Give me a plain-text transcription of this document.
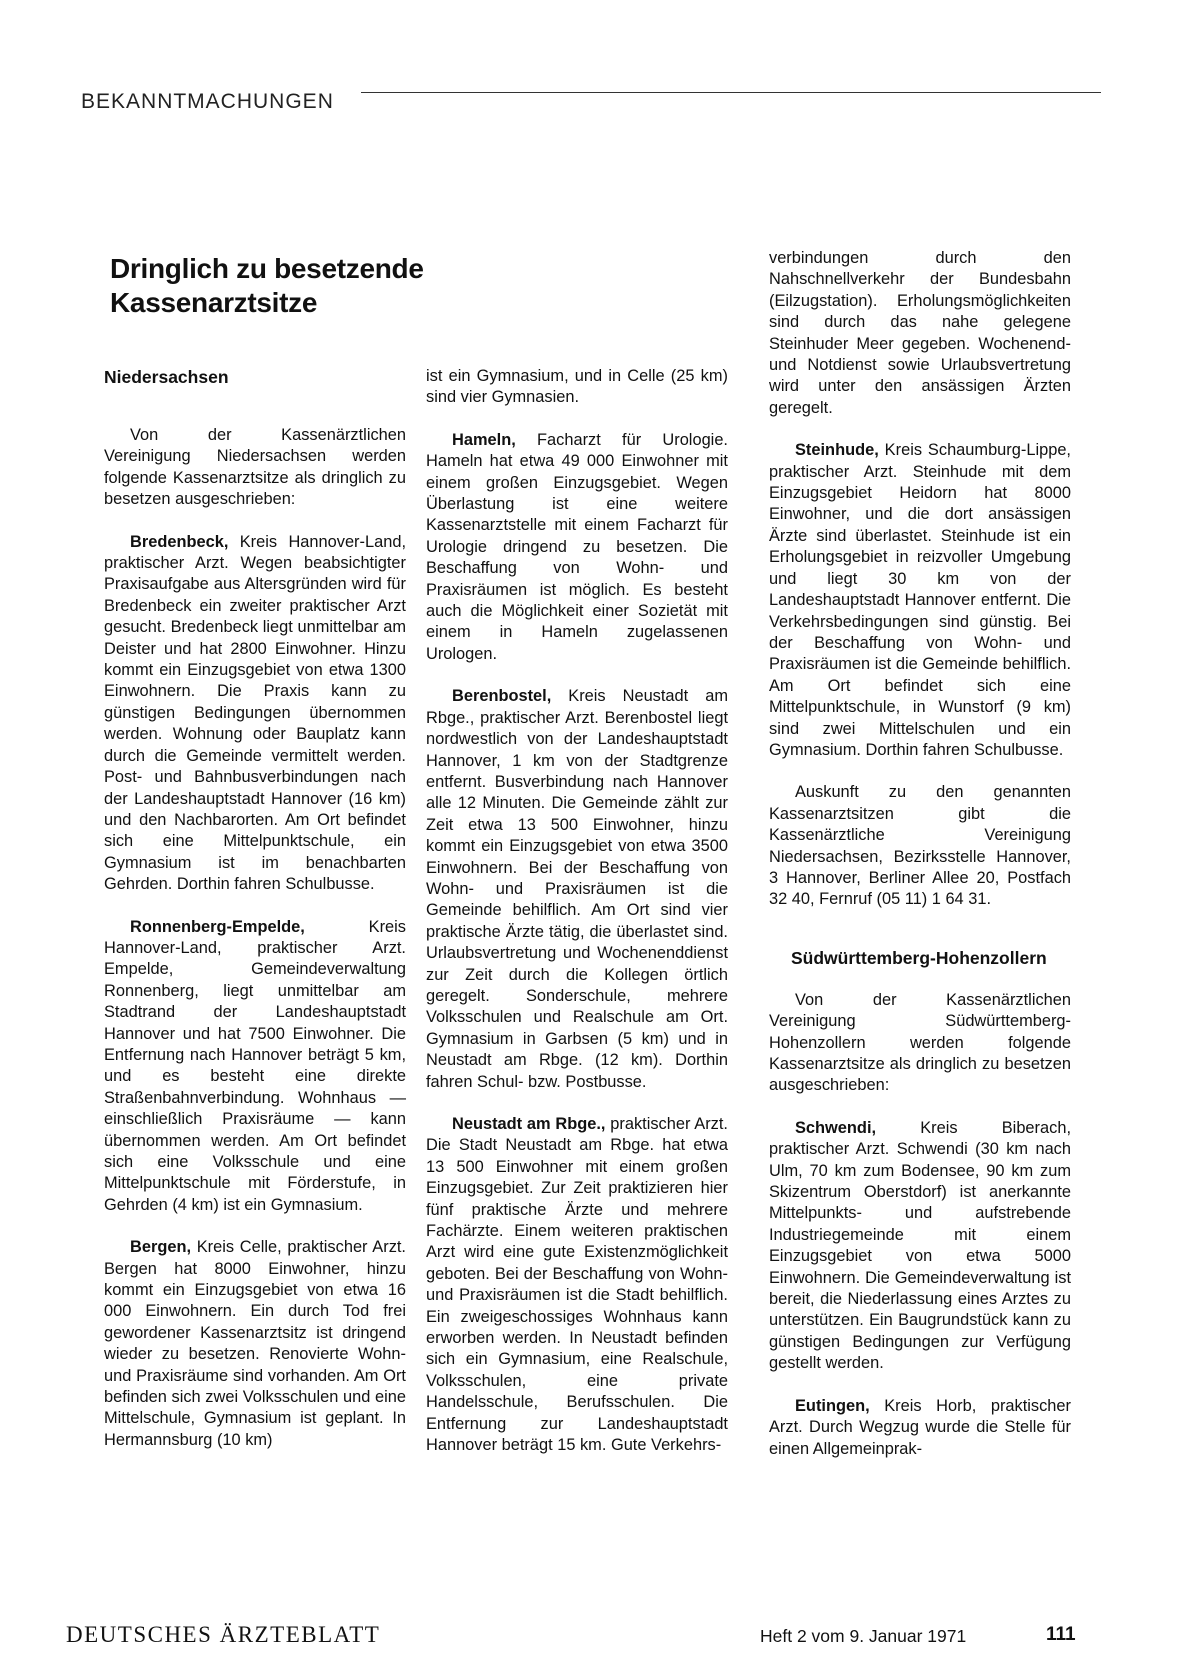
BEKANNTMACHUNGEN
Dringlich zu besetzende Kassenarztsitze
Niedersachsen

Von der Kassenärztlichen Vereinigung Niedersachsen werden folgende Kassenarztsitze als dringlich zu besetzen ausgeschrieben:

Bredenbeck, Kreis Hannover-Land, praktischer Arzt. Wegen beabsichtigter Praxisaufgabe aus Altersgründen wird für Bredenbeck ein zweiter praktischer Arzt gesucht. Bredenbeck liegt unmittelbar am Deister und hat 2800 Einwohner. Hinzu kommt ein Einzugsgebiet von etwa 1300 Einwohnern. Die Praxis kann zu günstigen Bedingungen übernommen werden. Wohnung oder Bauplatz kann durch die Gemeinde vermittelt werden. Post- und Bahnbusverbindungen nach der Landeshauptstadt Hannover (16 km) und den Nachbarorten. Am Ort befindet sich eine Mittelpunktschule, ein Gymnasium ist im benachbarten Gehrden. Dorthin fahren Schulbusse.

Ronnenberg-Empelde, Kreis Hannover-Land, praktischer Arzt. Empelde, Gemeindeverwaltung Ronnenberg, liegt unmittelbar am Stadtrand der Landeshauptstadt Hannover und hat 7500 Einwohner. Die Entfernung nach Hannover beträgt 5 km, und es besteht eine direkte Straßenbahnverbindung. Wohnhaus — einschließlich Praxisräume — kann übernommen werden. Am Ort befindet sich eine Volksschule und eine Mittelpunktschule mit Förderstufe, in Gehrden (4 km) ist ein Gymnasium.

Bergen, Kreis Celle, praktischer Arzt. Bergen hat 8000 Einwohner, hinzu kommt ein Einzugsgebiet von etwa 16 000 Einwohnern. Ein durch Tod frei gewordener Kassenarztsitz ist dringend wieder zu besetzen. Renovierte Wohn- und Praxisräume sind vorhanden. Am Ort befinden sich zwei Volksschulen und eine Mittelschule, Gymnasium ist geplant. In Hermannsburg (10 km)

ist ein Gymnasium, und in Celle (25 km) sind vier Gymnasien.

Hameln, Facharzt für Urologie. Hameln hat etwa 49 000 Einwohner mit einem großen Einzugsgebiet. Wegen Überlastung ist eine weitere Kassenarztstelle mit einem Facharzt für Urologie dringend zu besetzen. Die Beschaffung von Wohn- und Praxisräumen ist möglich. Es besteht auch die Möglichkeit einer Sozietät mit einem in Hameln zugelassenen Urologen.

Berenbostel, Kreis Neustadt am Rbge., praktischer Arzt. Berenbostel liegt nordwestlich von der Landeshauptstadt Hannover, 1 km von der Stadtgrenze entfernt. Busverbindung nach Hannover alle 12 Minuten. Die Gemeinde zählt zur Zeit etwa 13 500 Einwohner, hinzu kommt ein Einzugsgebiet von etwa 3500 Einwohnern. Bei der Beschaffung von Wohn- und Praxisräumen ist die Gemeinde behilflich. Am Ort sind vier praktische Ärzte tätig, die überlastet sind. Urlaubsvertretung und Wochenenddienst zur Zeit durch die Kollegen örtlich geregelt. Sonderschule, mehrere Volksschulen und Realschule am Ort. Gymnasium in Garbsen (5 km) und in Neustadt am Rbge. (12 km). Dorthin fahren Schul- bzw. Postbusse.

Neustadt am Rbge., praktischer Arzt. Die Stadt Neustadt am Rbge. hat etwa 13 500 Einwohner mit einem großen Einzugsgebiet. Zur Zeit praktizieren hier fünf praktische Ärzte und mehrere Fachärzte. Einem weiteren praktischen Arzt wird eine gute Existenzmöglichkeit geboten. Bei der Beschaffung von Wohn- und Praxisräumen ist die Stadt behilflich. Ein zweigeschossiges Wohnhaus kann erworben werden. In Neustadt befinden sich ein Gymnasium, eine Realschule, Volksschulen, eine private Handelsschule, Berufsschulen. Die Entfernung zur Landeshauptstadt Hannover beträgt 15 km. Gute Verkehrs-

verbindungen durch den Nahschnellverkehr der Bundesbahn (Eilzugstation). Erholungsmöglichkeiten sind durch das nahe gelegene Steinhuder Meer gegeben. Wochenend- und Notdienst sowie Urlaubsvertretung wird unter den ansässigen Ärzten geregelt.

Steinhude, Kreis Schaumburg-Lippe, praktischer Arzt. Steinhude mit dem Einzugsgebiet Heidorn hat 8000 Einwohner, und die dort ansässigen Ärzte sind überlastet. Steinhude ist ein Erholungsgebiet in reizvoller Umgebung und liegt 30 km von der Landeshauptstadt Hannover entfernt. Die Verkehrsbedingungen sind günstig. Bei der Beschaffung von Wohn- und Praxisräumen ist die Gemeinde behilflich. Am Ort befindet sich eine Mittelpunktschule, in Wunstorf (9 km) sind zwei Mittelschulen und ein Gymnasium. Dorthin fahren Schulbusse.

Auskunft zu den genannten Kassenarztsitzen gibt die Kassenärztliche Vereinigung Niedersachsen, Bezirksstelle Hannover, 3 Hannover, Berliner Allee 20, Postfach 32 40, Fernruf (05 11) 1 64 31.

Südwürttemberg-Hohenzollern

Von der Kassenärztlichen Vereinigung Südwürttemberg-Hohenzollern werden folgende Kassenarztsitze als dringlich zu besetzen ausgeschrieben:

Schwendi, Kreis Biberach, praktischer Arzt. Schwendi (30 km nach Ulm, 70 km zum Bodensee, 90 km zum Skizentrum Oberstdorf) ist anerkannte Mittelpunkts- und aufstrebende Industriegemeinde mit einem Einzugsgebiet von etwa 5000 Einwohnern. Die Gemeindeverwaltung ist bereit, die Niederlassung eines Arztes zu unterstützen. Ein Baugrundstück kann zu günstigen Bedingungen zur Verfügung gestellt werden.

Eutingen, Kreis Horb, praktischer Arzt. Durch Wegzug wurde die Stelle für einen Allgemeinprak-

DEUTSCHES ÄRZTEBLATT	Heft 2 vom 9. Januar 1971	111
